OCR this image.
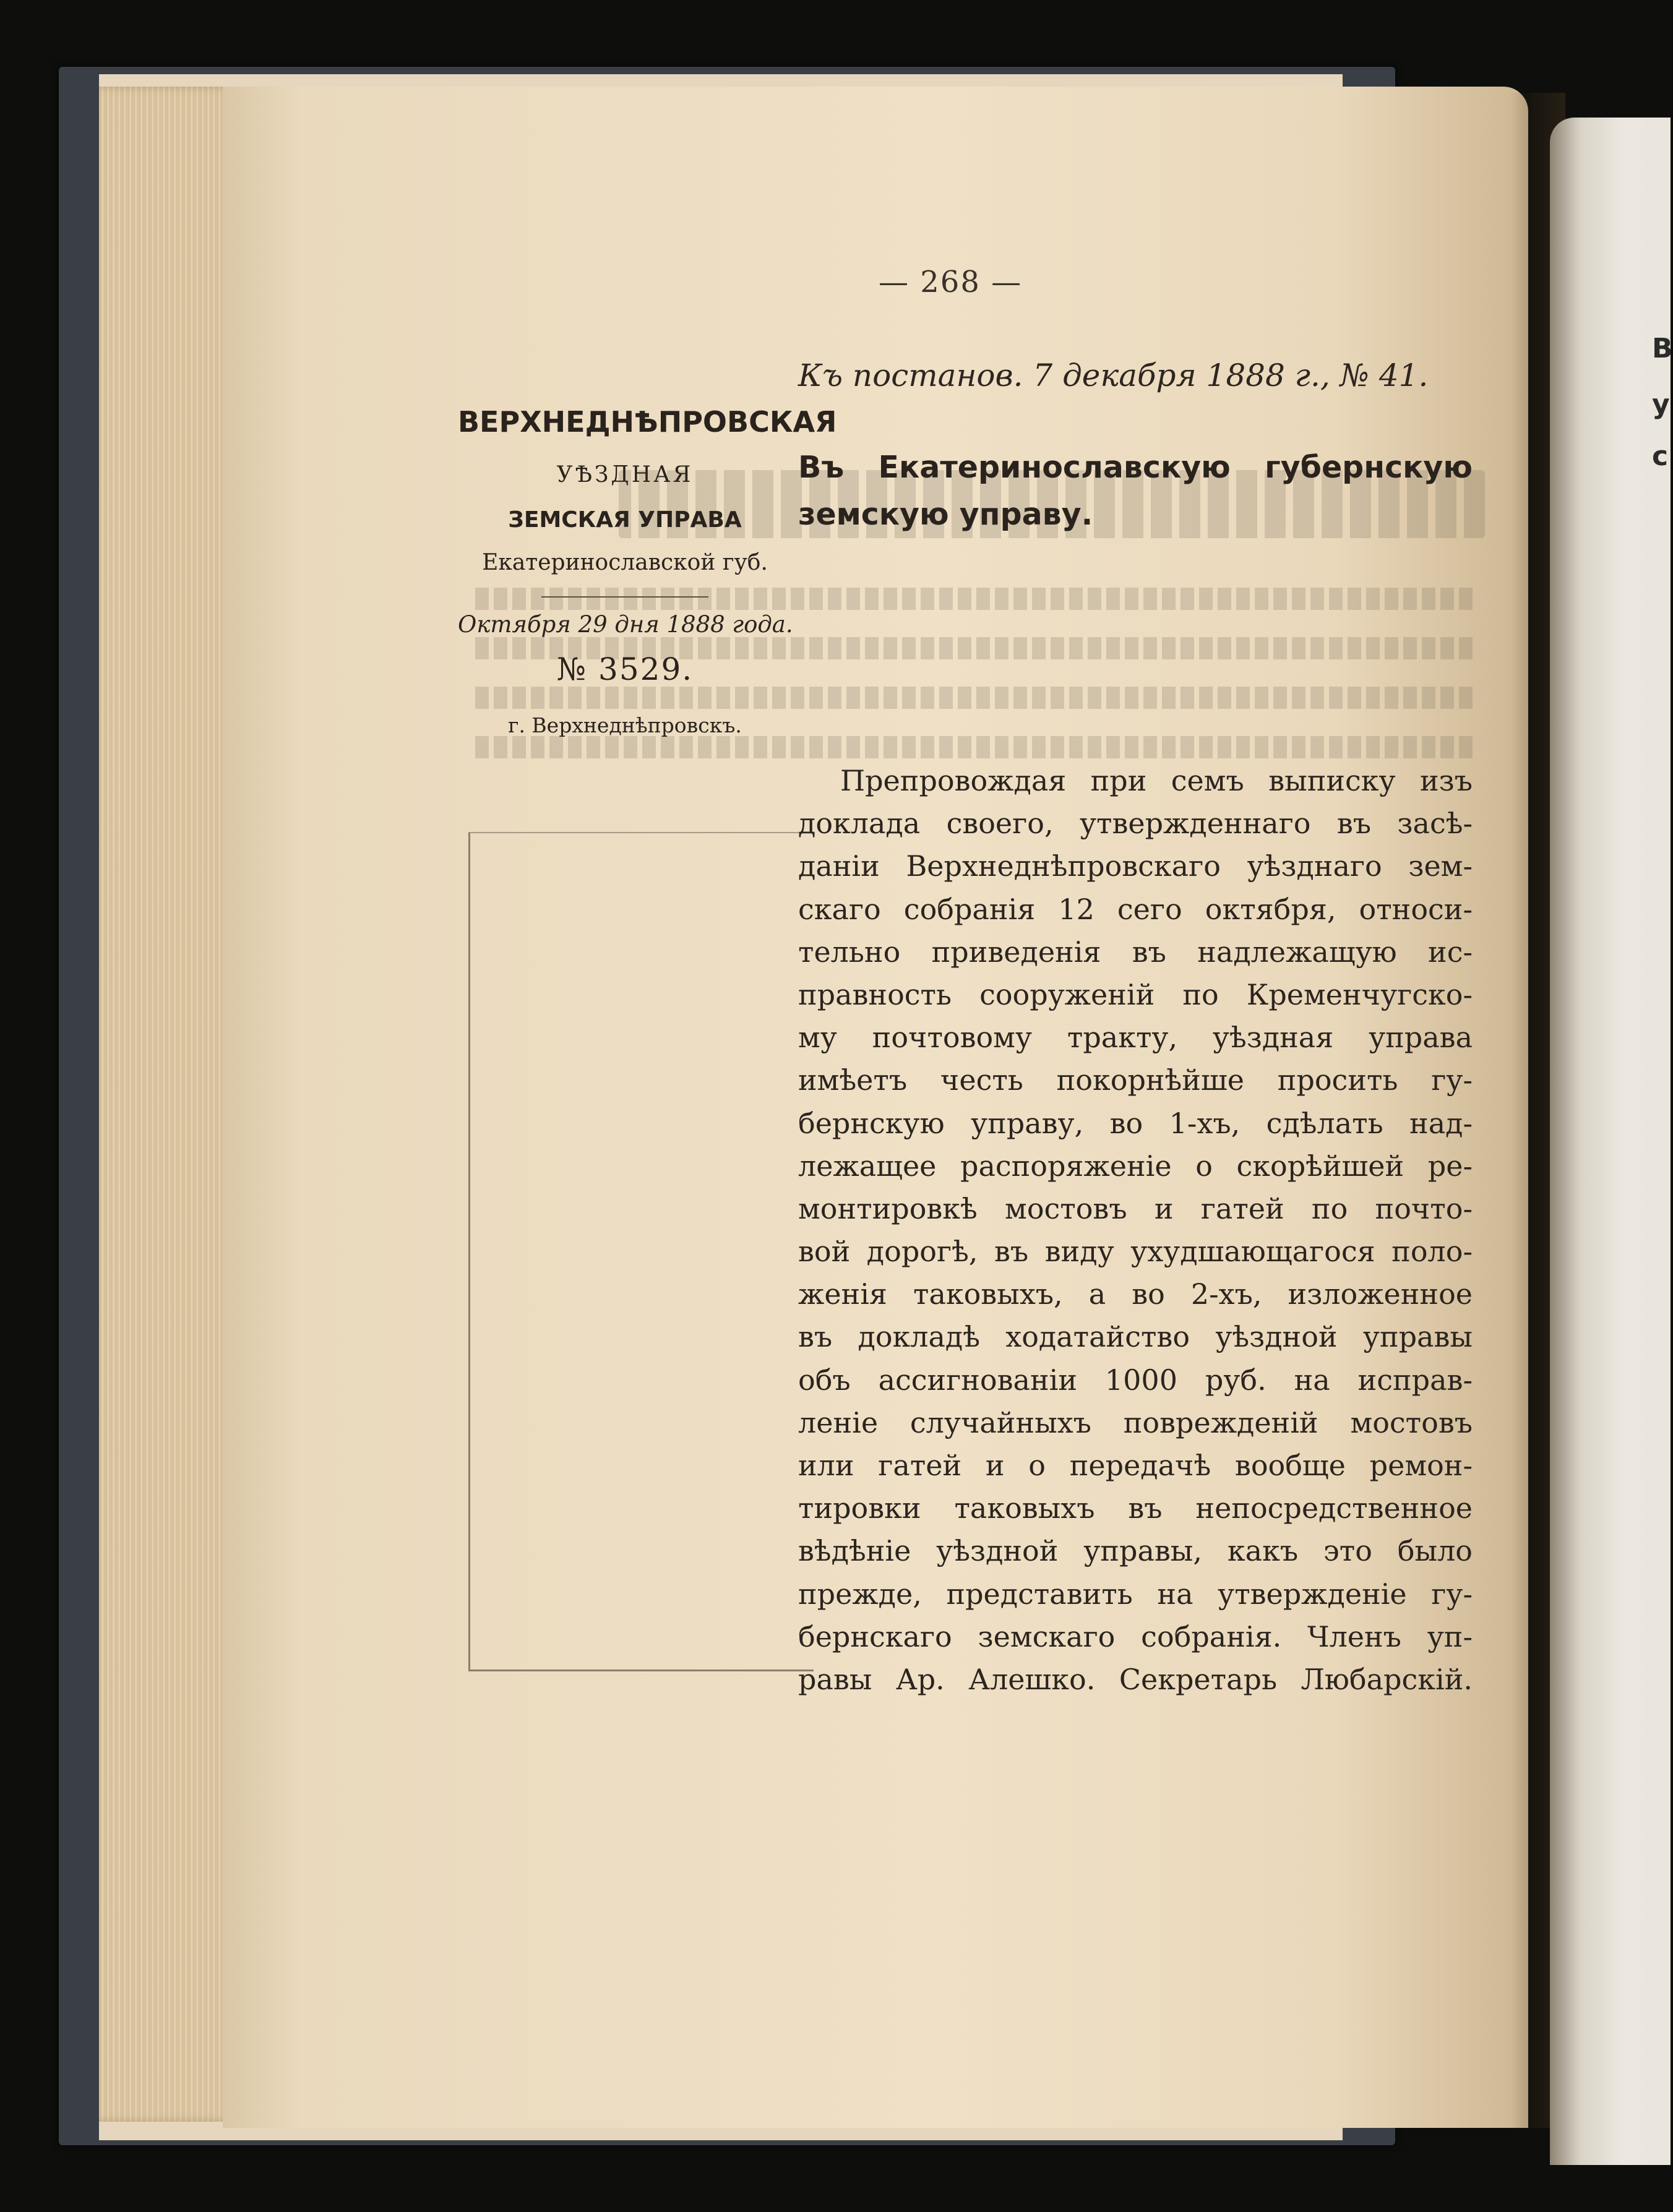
В
у
с
— 268 —
Къ постанов. 7 декабря 1888 г., № 41.
ВЕРХНЕДНѢПРОВСКАЯ
УѢЗДНАЯ
ЗЕМСКАЯ УПРАВА
Екатеринославской губ.
Октября 29 дня 1888 года.
№ 3529.
г. Верхнеднѣпровскъ.
Въ Екатеринославскую губернскую
земскую управу.
Препровождая при семъ выписку изъ
доклада своего, утвержденнаго въ засѣ-
даніи Верхнеднѣпровскаго уѣзднаго зем-
скаго собранія 12 сего октября, относи-
тельно приведенія въ надлежащую ис-
правность сооруженій по Кременчугско-
му почтовому тракту, уѣздная управа
имѣетъ честь покорнѣйше просить гу-
бернскую управу, во 1-хъ, сдѣлать над-
лежащее распоряженіе о скорѣйшей ре-
монтировкѣ мостовъ и гатей по почто-
вой дорогѣ, въ виду ухудшающагося поло-
женія таковыхъ, а во 2-хъ, изложенное
въ докладѣ ходатайство уѣздной управы
объ ассигнованіи 1000 руб. на исправ-
леніе случайныхъ поврежденій мостовъ
или гатей и о передачѣ вообще ремон-
тировки таковыхъ въ непосредственное
вѣдѣніе уѣздной управы, какъ это было
прежде, представить на утвержденіе гу-
бернскаго земскаго собранія. Членъ уп-
равы Ар. Алешко. Секретарь Любарскій.
